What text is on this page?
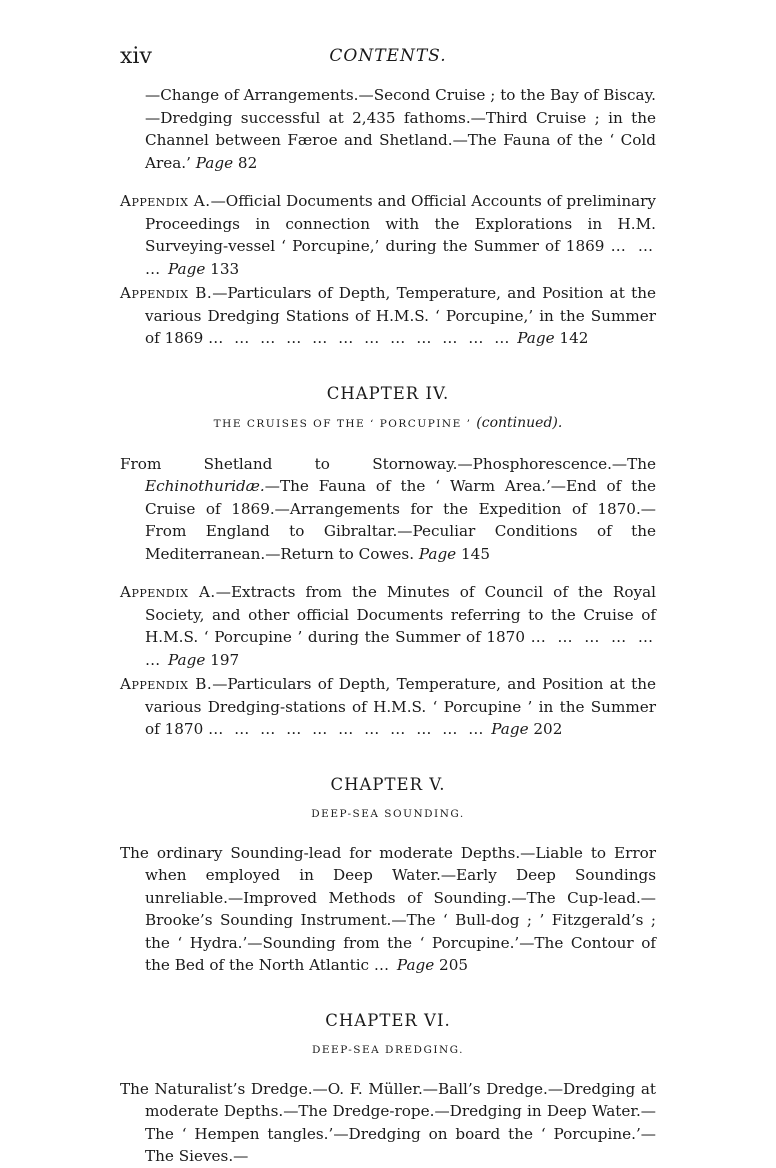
xiv	CONTENTS.

—Change of Arrangements.—Second Cruise ; to the Bay of Biscay.—Dredging successful at 2,435 fathoms.—Third Cruise ; in the Channel between Fӕroe and Shetland.—The Fauna of the ‘ Cold Area.’ Page 82

Appendix A.—Official Documents and Official Accounts of preliminary Proceedings in connection with the Explorations in H.M. Surveying-vessel ‘ Porcupine,’ during the Summer of 1869 … … … Page 133

Appendix B.—Particulars of Depth, Temperature, and Position at the various Dredging Stations of H.M.S. ‘ Porcupine,’ in the Summer of 1869 … … … … … … … … … … … … Page 142

CHAPTER IV.

THE CRUISES OF THE ‘ PORCUPINE ’ (continued).

From Shetland to Stornoway.—Phosphorescence.—The Echinothuridæ.—The Fauna of the ‘ Warm Area.’—End of the Cruise of 1869.—Arrangements for the Expedition of 1870.—From England to Gibraltar.—Peculiar Conditions of the Mediterranean.—Return to Cowes. Page 145

Appendix A.—Extracts from the Minutes of Council of the Royal Society, and other official Documents referring to the Cruise of H.M.S. ‘ Porcupine ’ during the Summer of 1870 … … … … … … Page 197

Appendix B.—Particulars of Depth, Temperature, and Position at the various Dredging-stations of H.M.S. ‘ Porcupine ’ in the Summer of 1870 … … … … … … … … … … … Page 202

CHAPTER V.

DEEP-SEA SOUNDING.

The ordinary Sounding-lead for moderate Depths.—Liable to Error when employed in Deep Water.—Early Deep Soundings unreliable.—Improved Methods of Sounding.—The Cup-lead.—Brooke’s Sounding Instrument.—The ‘ Bull-dog ; ’ Fitzgerald’s ; the ‘ Hydra.’—Sounding from the ‘ Porcupine.’—The Contour of the Bed of the North Atlantic … Page 205

CHAPTER VI.

DEEP-SEA DREDGING.

The Naturalist’s Dredge.—O. F. Müller.—Ball’s Dredge.—Dredging at moderate Depths.—The Dredge-rope.—Dredging in Deep Water.—The ‘ Hempen tangles.’—Dredging on board the ‘ Porcupine.’—The Sieves.—
